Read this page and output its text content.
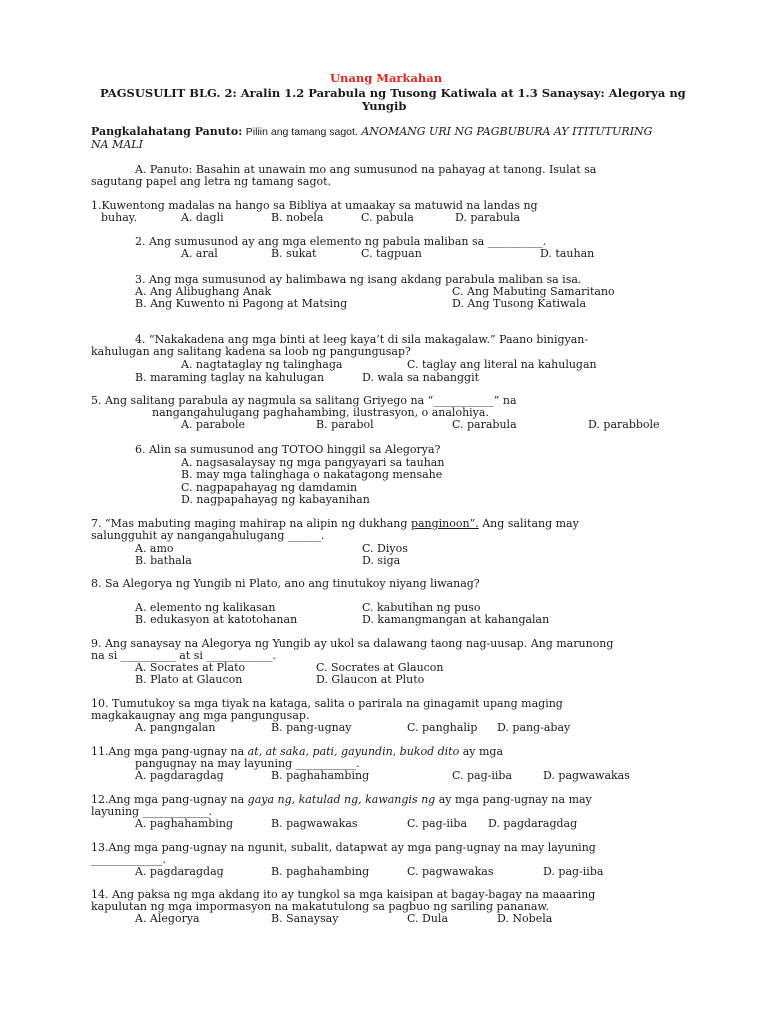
Unang Markahan
PAGSUSULIT BLG. 2: Aralin 1.2 Parabula ng Tusong Katiwala at 1.3 Sanaysay: Alegorya ng
Yungib
Pangkalahatang Panuto: Piliin ang tamang sagot. ANOMANG URI NG PAGBUBURA AY ITITUTURING
NA MALI
A. Panuto: Basahin at unawain mo ang sumusunod na pahayag at tanong. Isulat sa
sagutang papel ang letra ng tamang sagot.
1.Kuwentong madalas na hango sa Bibliya at umaakay sa matuwid na landas ng
buhay.	A. dagli	B. nobela	C. pabula	D. parabula
2. Ang sumusunod ay ang mga elemento ng pabula maliban sa __________.
A. aral	B. sukat	C. tagpuan	D. tauhan
3. Ang mga sumusunod ay halimbawa ng isang akdang parabula maliban sa isa.
A. Ang Alibughang Anak	C. Ang Mabuting Samaritano
B. Ang Kuwento ni Pagong at Matsing	D. Ang Tusong Katiwala
4. “Nakakadena ang mga binti at leeg kaya’t di sila makagalaw.” Paano binigyan-
kahulugan ang salitang kadena sa loob ng pangungusap?
A. nagtataglay ng talinghaga	C. taglay ang literal na kahulugan
B. maraming taglay na kahulugan	D. wala sa nabanggit
5. Ang salitang parabula ay nagmula sa salitang Griyego na “___________” na
nangangahulugang paghahambing, ilustrasyon, o analohiya.
A. parabole	B. parabol	C. parabula	D. parabbole
6. Alin sa sumusunod ang TOTOO hinggil sa Alegorya?
A. nagsasalaysay ng mga pangyayari sa tauhan
B. may mga talinghaga o nakatagong mensahe
C. nagpapahayag ng damdamin
D. nagpapahayag ng kabayanihan
7. “Mas mabuting maging mahirap na alipin ng dukhang panginoon”. Ang salitang may
salungguhit ay nangangahulugang ______.
A. amo	C. Diyos
B. bathala	D. siga
8. Sa Alegorya ng Yungib ni Plato, ano ang tinutukoy niyang liwanag?
A. elemento ng kalikasan	C. kabutihan ng puso
B. edukasyon at katotohanan	D. kamangmangan at kahangalan
9. Ang sanaysay na Alegorya ng Yungib ay ukol sa dalawang taong nag-uusap. Ang marunong
na si __________ at si ____________.
A. Socrates at Plato	C. Socrates at Glaucon
B. Plato at Glaucon	D. Glaucon at Pluto
10. Tumutukoy sa mga tiyak na kataga, salita o parirala na ginagamit upang maging
magkakaugnay ang mga pangungusap.
A. pangngalan	B. pang-ugnay	C. panghalip D. pang-abay
11.Ang mga pang-ugnay na at, at saka, pati, gayundin, bukod dito ay mga
pangugnay na may layuning ___________.
A. pagdaragdag	B. paghahambing	C. pag-iiba	D. pagwawakas
12.Ang mga pang-ugnay na gaya ng, katulad ng, kawangis ng ay mga pang-ugnay na may
layuning ____________.
A. paghahambing	B. pagwawakas	C. pag-iiba D. pagdaragdag
13.Ang mga pang-ugnay na ngunit, subalit, datapwat ay mga pang-ugnay na may layuning
_____________.
A. pagdaragdag	B. paghahambing	C. pagwawakas	D. pag-iiba
14. Ang paksa ng mga akdang ito ay tungkol sa mga kaisipan at bagay-bagay na maaaring
kapulutan ng mga impormasyon na makatutulong sa pagbuo ng sariling pananaw.
A. Alegorya	B. Sanaysay	C. Dula	D. Nobela
